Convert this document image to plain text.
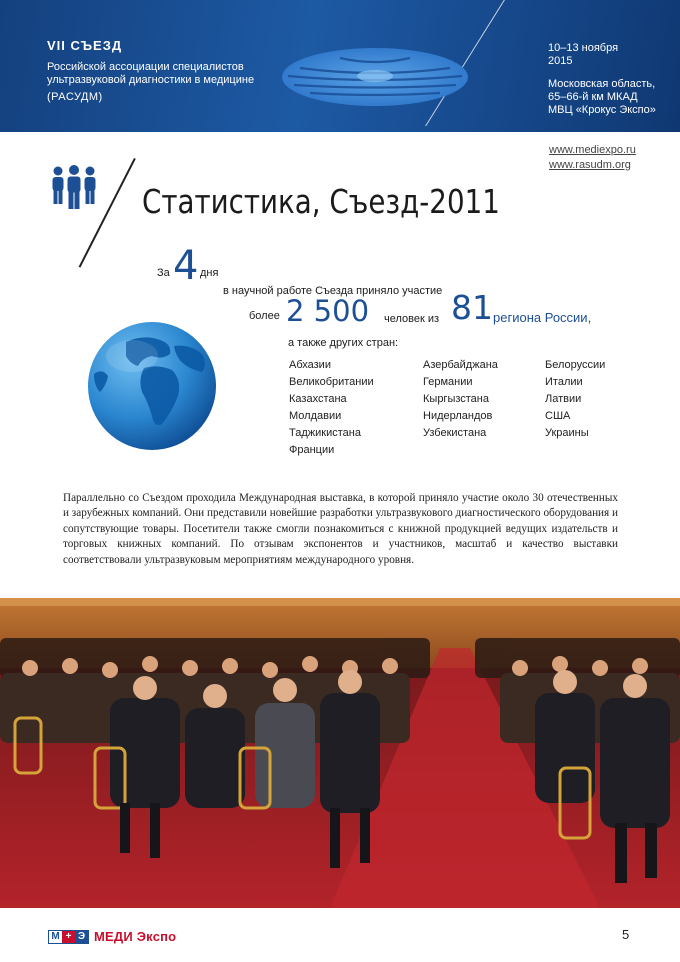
VII СЪЕЗД
Российской ассоциации специалистов
ультразвуковой диагностики в медицине
(РАСУДМ)
10–13 ноября
2015
Московская область,
65–66-й км МКАД
МВЦ «Крокус Экспо»
www.mediexpo.ru
www.rasudm.org
Статистика, Съезд-2011
За 4 дня
в научной работе Съезда приняло участие
более 2 500 человек из 81 региона России,
а также других стран:
Абхазии
Великобритании
Казахстана
Молдавии
Таджикистана
Франции
Азербайджана
Германии
Кыргызстана
Нидерландов
Узбекистана
Белоруссии
Италии
Латвии
США
Украины

Параллельно со Съездом проходила Международная выставка, в которой приняло участие около 30 отечественных и зарубежных компаний. Они представили новейшие разработки ультразвукового диагностического оборудования и сопутствующие товары. Посетители также смогли познакомиться с книжной продукцией ведущих издательств и торговых книжных компаний. По отзывам экспонентов и участников, масштаб и качество выставки соответствовали ультразвуковым мероприятиям международного уровня.

М + Э МЕДИ Экспо	5
